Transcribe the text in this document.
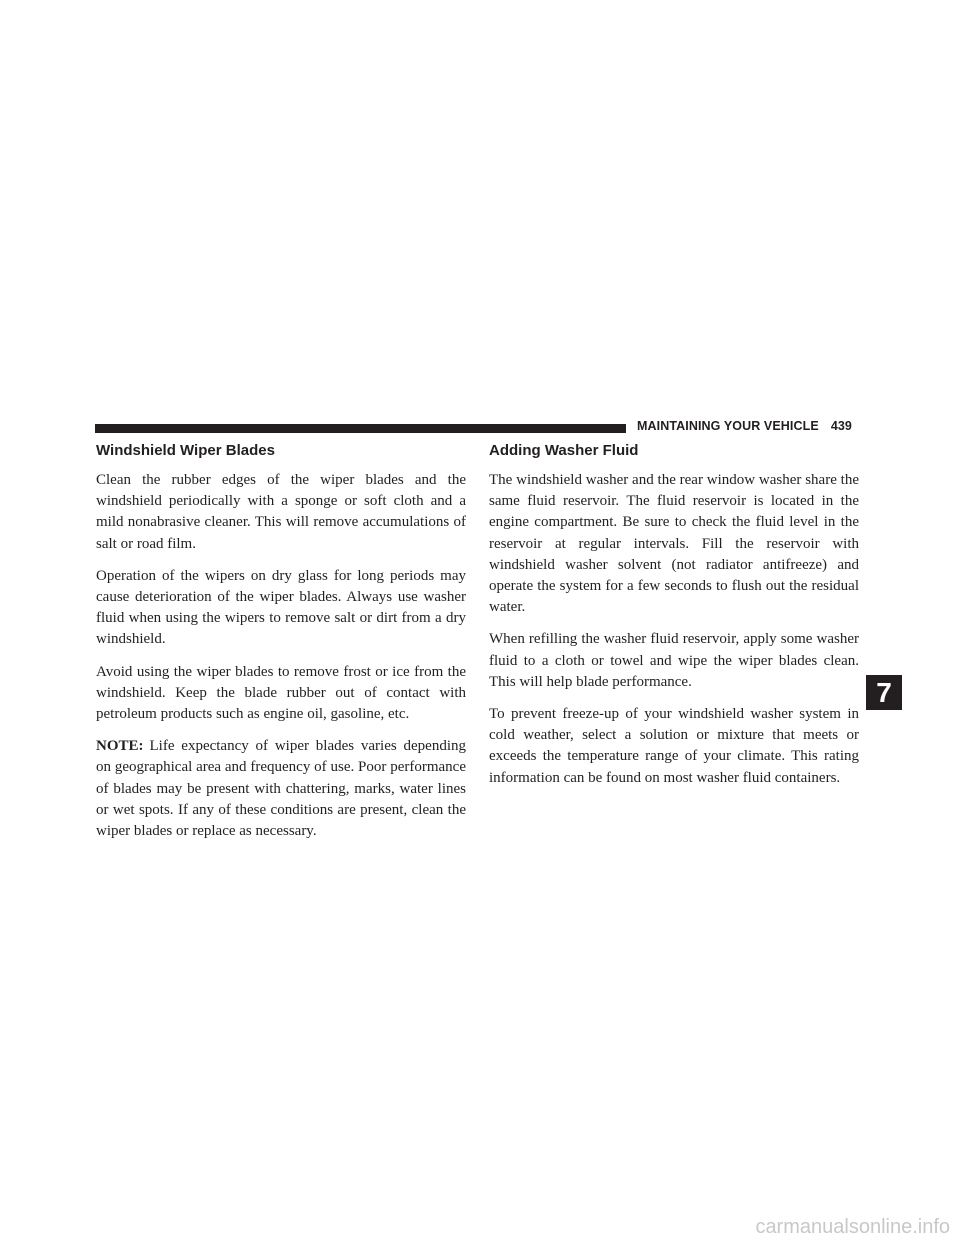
MAINTAINING YOUR VEHICLE 439
Windshield Wiper Blades

Clean the rubber edges of the wiper blades and the windshield periodically with a sponge or soft cloth and a mild nonabrasive cleaner. This will remove accumulations of salt or road film.

Operation of the wipers on dry glass for long periods may cause deterioration of the wiper blades. Always use washer fluid when using the wipers to remove salt or dirt from a dry windshield.

Avoid using the wiper blades to remove frost or ice from the windshield. Keep the blade rubber out of contact with petroleum products such as engine oil, gasoline, etc.

NOTE: Life expectancy of wiper blades varies depending on geographical area and frequency of use. Poor performance of blades may be present with chattering, marks, water lines or wet spots. If any of these conditions are present, clean the wiper blades or replace as necessary.

Adding Washer Fluid

The windshield washer and the rear window washer share the same fluid reservoir. The fluid reservoir is located in the engine compartment. Be sure to check the fluid level in the reservoir at regular intervals. Fill the reservoir with windshield washer solvent (not radiator antifreeze) and operate the system for a few seconds to flush out the residual water.

When refilling the washer fluid reservoir, apply some washer fluid to a cloth or towel and wipe the wiper blades clean. This will help blade performance.

To prevent freeze-up of your windshield washer system in cold weather, select a solution or mixture that meets or exceeds the temperature range of your climate. This rating information can be found on most washer fluid containers.

7
carmanualsonline.info
